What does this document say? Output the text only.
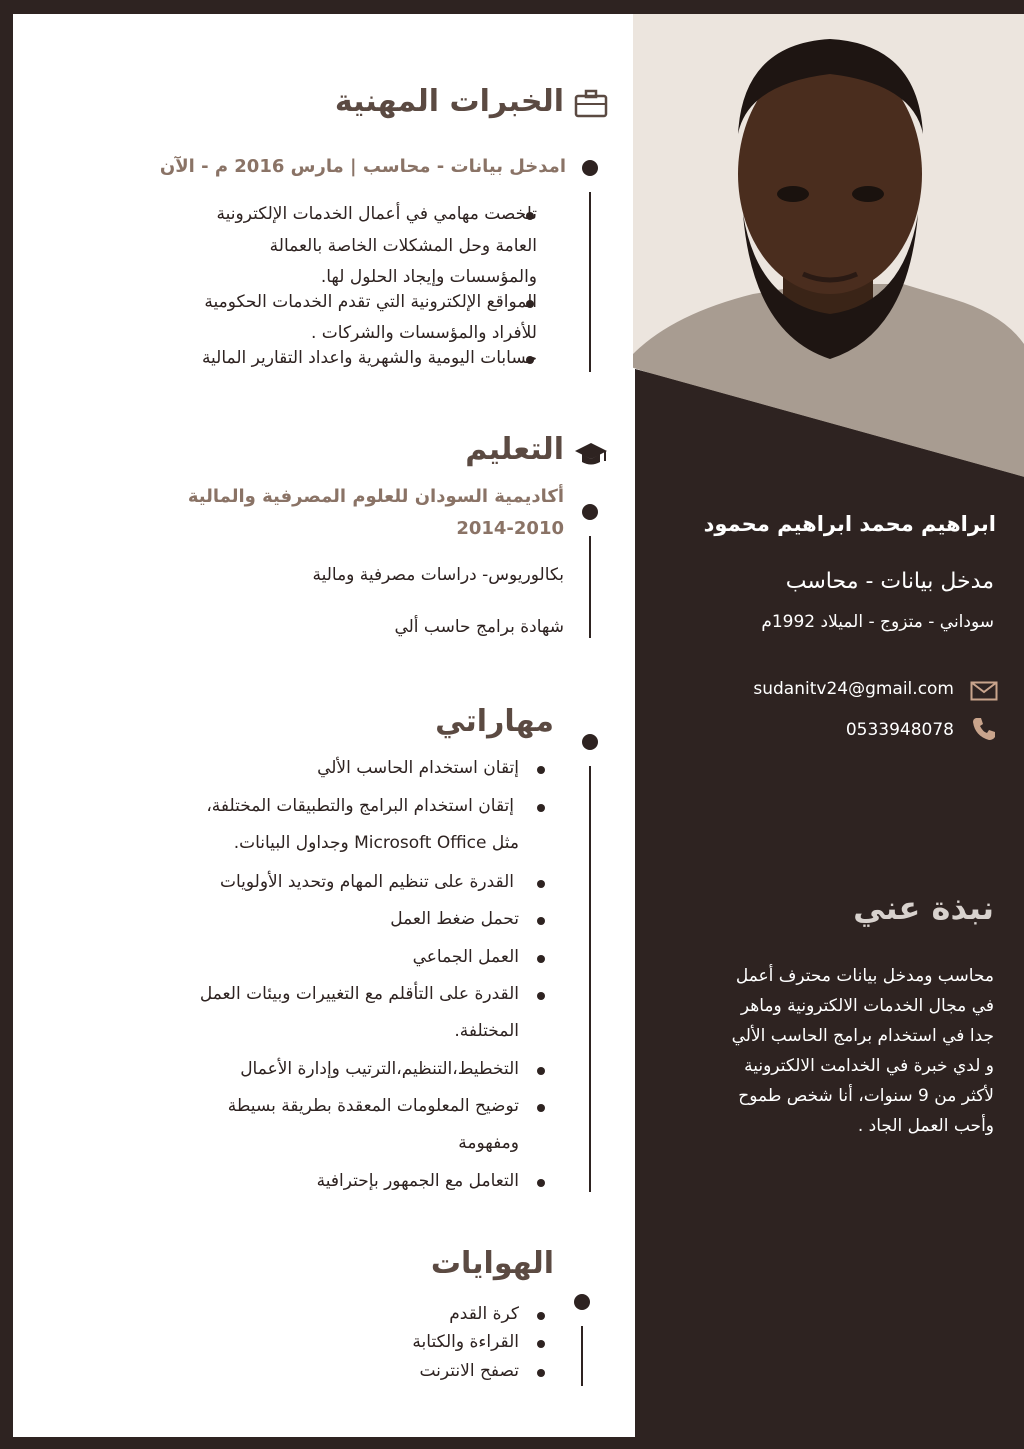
الخبرات المهنية
امدخل بيانات - محاسب | مارس 2016 م - الآن
تلخصت مهامي في أعمال الخدمات الإلكترونية
العامة وحل المشكلات الخاصة بالعمالة
والمؤسسات وإيجاد الحلول لها.
المواقع الإلكترونية التي تقدم الخدمات الحكومية
للأفراد والمؤسسات والشركات .
حسابات اليومية والشهرية واعداد التقارير المالية
التعليم
أكاديمية السودان للعلوم المصرفية والمالية
2014-2010
بكالوريوس- دراسات مصرفية ومالية
شهادة برامج حاسب ألي
مهاراتي
إتقان استخدام الحاسب الألي
إتقان استخدام البرامج والتطبيقات المختلفة،
مثل Microsoft Office وجداول البيانات.
القدرة على تنظيم المهام وتحديد الأولويات
تحمل ضغط العمل
العمل الجماعي
القدرة على التأقلم مع التغييرات وبيئات العمل
المختلفة.
التخطيط،التنظيم،الترتيب وإدارة الأعمال
توضيح المعلومات المعقدة بطريقة بسيطة
ومفهومة
التعامل مع الجمهور بإحترافية
الهوايات
كرة القدم
القراءة والكتابة
تصفح الانترنت
ابراهيم محمد ابراهيم محمود
مدخل بيانات - محاسب
سوداني - متزوج - الميلاد 1992م
sudanitv24@gmail.com
0533948078
نبذة عني
محاسب ومدخل بيانات محترف أعمل
في مجال الخدمات الالكترونية وماهر
جدا في استخدام برامج الحاسب الألي
و لدي خبرة في الخدامت الالكترونية
لأكثر من 9 سنوات، أنا شخص طموح
وأحب العمل الجاد .
